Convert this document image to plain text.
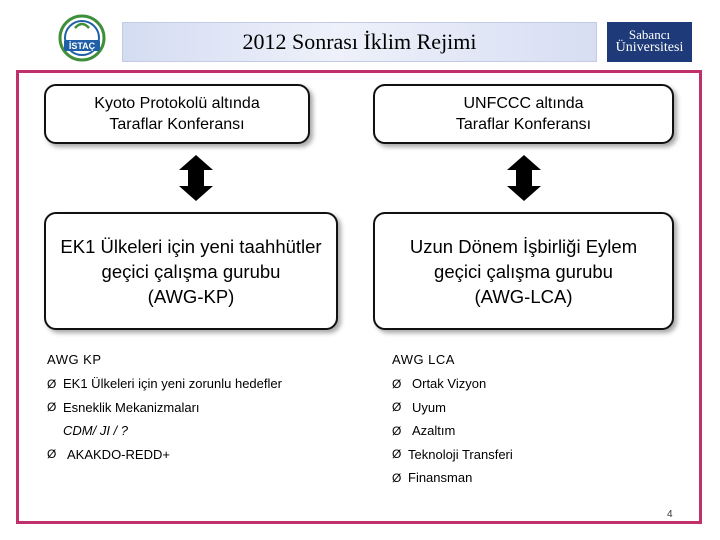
İSTAÇ	2012 Sonrası İklim Rejimi	Sabancı
Üniversitesi
Kyoto Protokolü altında
Taraflar Konferansı
UNFCCC altında
Taraflar Konferansı
EK1 Ülkeleri için yeni taahhütler
geçici çalışma gurubu
(AWG-KP)
Uzun Dönem İşbirliği Eylem
geçici çalışma gurubu
(AWG-LCA)
AWG KP
Ø EK1 Ülkeleri için yeni zorunlu hedefler
Ø Esneklik Mekanizmaları
CDM/ JI / ?
Ø AKAKDO-REDD+
AWG LCA
Ø Ortak Vizyon
Ø Uyum
Ø Azaltım
Ø Teknoloji Transferi
Ø Finansman
4
